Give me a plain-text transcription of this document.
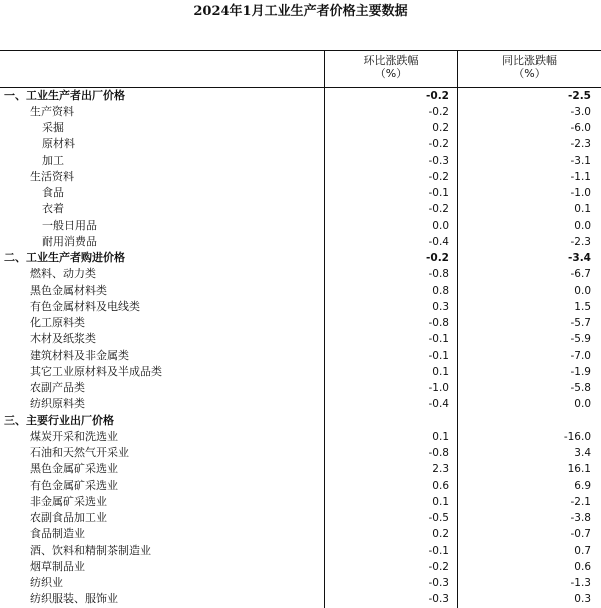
2024年1月工业生产者价格主要数据
环比涨跌幅
（%）
同比涨跌幅
（%）
一、工业生产者出厂价格	-0.2	-2.5
生产资料	-0.2	-3.0
采掘	0.2	-6.0
原材料	-0.2	-2.3
加工	-0.3	-3.1
生活资料	-0.2	-1.1
食品	-0.1	-1.0
衣着	-0.2	0.1
一般日用品	0.0	0.0
耐用消费品	-0.4	-2.3
二、工业生产者购进价格	-0.2	-3.4
燃料、动力类	-0.8	-6.7
黑色金属材料类	0.8	0.0
有色金属材料及电线类	0.3	1.5
化工原料类	-0.8	-5.7
木材及纸浆类	-0.1	-5.9
建筑材料及非金属类	-0.1	-7.0
其它工业原材料及半成品类	0.1	-1.9
农副产品类	-1.0	-5.8
纺织原料类	-0.4	0.0
三、主要行业出厂价格
煤炭开采和洗选业	0.1	-16.0
石油和天然气开采业	-0.8	3.4
黑色金属矿采选业	2.3	16.1
有色金属矿采选业	0.6	6.9
非金属矿采选业	0.1	-2.1
农副食品加工业	-0.5	-3.8
食品制造业	0.2	-0.7
酒、饮料和精制茶制造业	-0.1	0.7
烟草制品业	-0.2	0.6
纺织业	-0.3	-1.3
纺织服装、服饰业	-0.3	0.3
